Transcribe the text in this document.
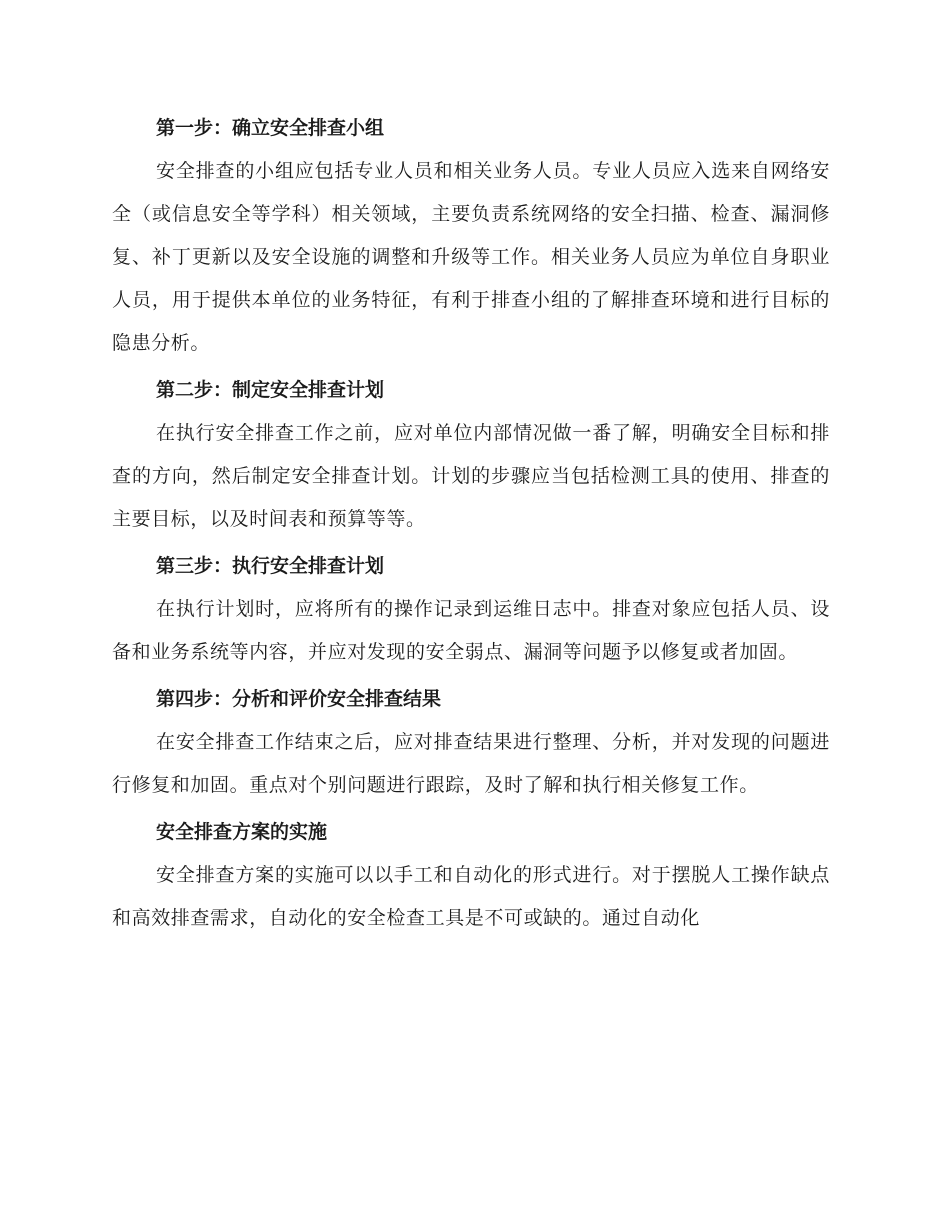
第一步：确立安全排查小组

安全排查的小组应包括专业人员和相关业务人员。专业人员应入选来自网络安全（或信息安全等学科）相关领域，主要负责系统网络的安全扫描、检查、漏洞修复、补丁更新以及安全设施的调整和升级等工作。相关业务人员应为单位自身职业人员，用于提供本单位的业务特征，有利于排查小组的了解排查环境和进行目标的隐患分析。

第二步：制定安全排查计划

在执行安全排查工作之前，应对单位内部情况做一番了解，明确安全目标和排查的方向，然后制定安全排查计划。计划的步骤应当包括检测工具的使用、排查的主要目标，以及时间表和预算等等。

第三步：执行安全排查计划

在执行计划时，应将所有的操作记录到运维日志中。排查对象应包括人员、设备和业务系统等内容，并应对发现的安全弱点、漏洞等问题予以修复或者加固。

第四步：分析和评价安全排查结果

在安全排查工作结束之后，应对排查结果进行整理、分析，并对发现的问题进行修复和加固。重点对个别问题进行跟踪，及时了解和执行相关修复工作。

安全排查方案的实施

安全排查方案的实施可以以手工和自动化的形式进行。对于摆脱人工操作缺点和高效排查需求，自动化的安全检查工具是不可或缺的。通过自动化
